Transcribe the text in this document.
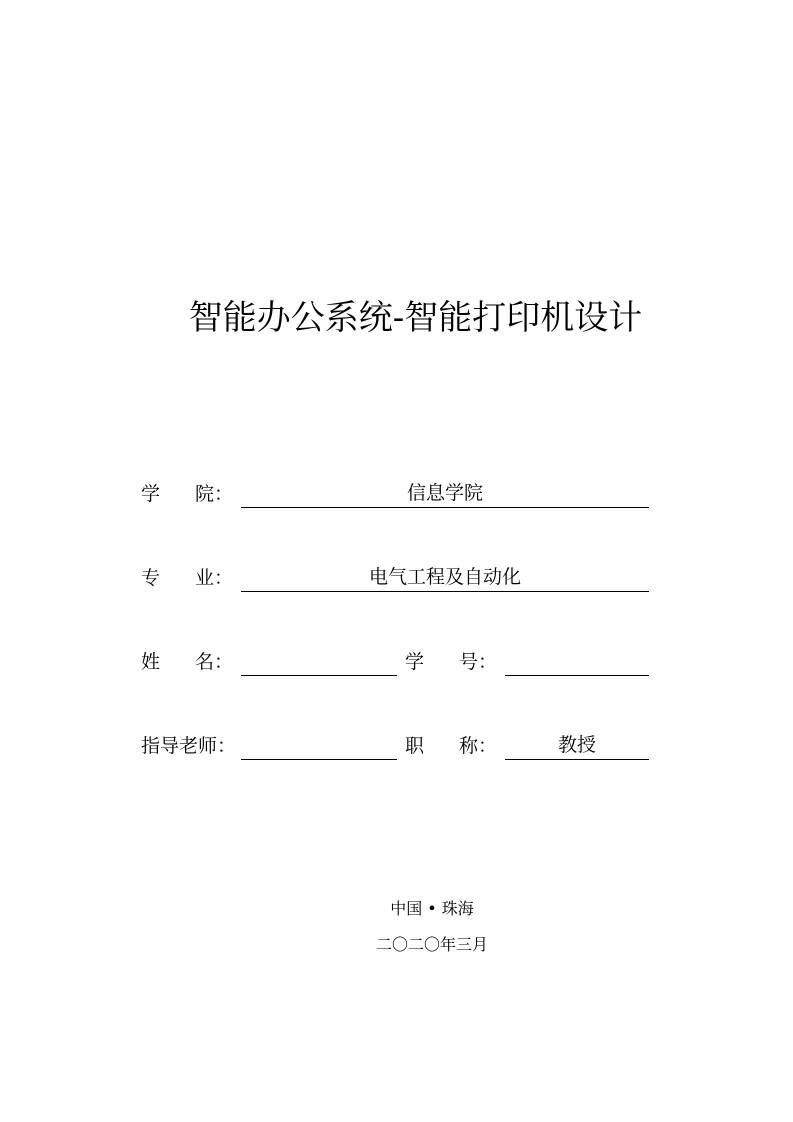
智能办公系统-智能打印机设计
学 院：	信息学院
专 业：	电气工程及自动化
姓 名：	学 号：
指导老师：	职 称：	教授
中国 • 珠海
二〇二〇年三月
